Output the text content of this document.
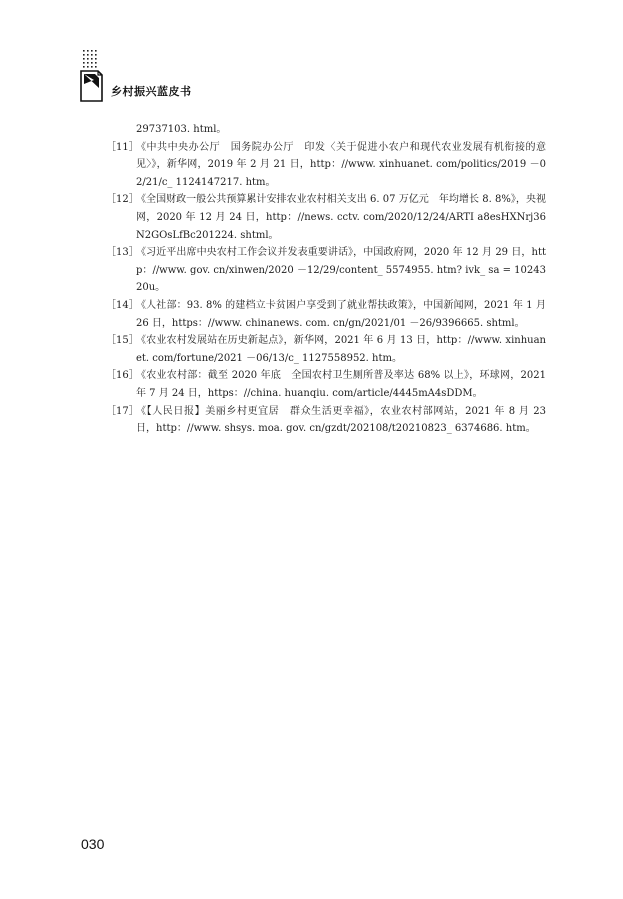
乡村振兴蓝皮书
29737103. html。
［11］
《中共中央办公厅　国务院办公厅　印发〈关于促进小农户和现代农业发展有机衔接的意见〉》，新华网，2019 年 2 月 21 日，http：//www. xinhuanet. com/politics/2019 －02/21/c_ 1124147217. htm。
［12］
《全国财政一般公共预算累计安排农业农村相关支出 6. 07 万亿元　年均增长 8. 8%》，央视网，2020 年 12 月 24 日，http：//news. cctv. com/2020/12/24/ARTI a8esHXNrj36N2GOsLfBc201224. shtml。
［13］
《习近平出席中央农村工作会议并发表重要讲话》，中国政府网，2020 年 12 月 29 日，http：//www. gov. cn/xinwen/2020 －12/29/content_ 5574955. htm? ivk_ sa = 1024320u。
［14］
《人社部：93. 8% 的建档立卡贫困户享受到了就业帮扶政策》，中国新闻网，2021 年 1 月 26 日，https：//www. chinanews. com. cn/gn/2021/01 －26/9396665. shtml。
［15］
《农业农村发展站在历史新起点》，新华网，2021 年 6 月 13 日，http：//www. xinhuanet. com/fortune/2021 －06/13/c_ 1127558952. htm。
［16］
《农业农村部：截至 2020 年底　全国农村卫生厕所普及率达 68% 以上》，环球网，2021 年 7 月 24 日，https：//china. huanqiu. com/article/4445mA4sDDM。
［17］
《【人民日报】美丽乡村更宜居　群众生活更幸福》，农业农村部网站，2021 年 8 月 23 日，http：//www. shsys. moa. gov. cn/gzdt/202108/t20210823_ 6374686. htm。
030
